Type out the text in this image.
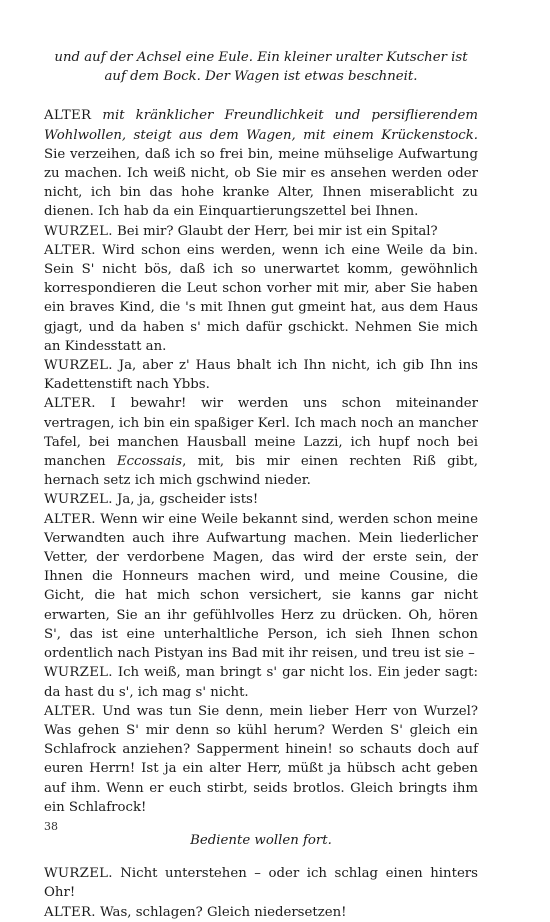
und auf der Achsel eine Eule. Ein kleiner uralter Kutscher ist auf dem Bock. Der Wagen ist etwas beschneit.

ALTER mit kränklicher Freundlichkeit und persiflierendem Wohlwollen, steigt aus dem Wagen, mit einem Krückenstock. Sie verzeihen, daß ich so frei bin, meine mühselige Aufwartung zu machen. Ich weiß nicht, ob Sie mir es ansehen werden oder nicht, ich bin das hohe kranke Alter, Ihnen miserablicht zu dienen. Ich hab da ein Einquartierungszettel bei Ihnen.

WURZEL. Bei mir? Glaubt der Herr, bei mir ist ein Spital?

ALTER. Wird schon eins werden, wenn ich eine Weile da bin. Sein S' nicht bös, daß ich so unerwartet komm, gewöhnlich korrespondieren die Leut schon vorher mit mir, aber Sie haben ein braves Kind, die 's mit Ihnen gut gmeint hat, aus dem Haus gjagt, und da haben s' mich dafür gschickt. Nehmen Sie mich an Kindesstatt an.

WURZEL. Ja, aber z' Haus bhalt ich Ihn nicht, ich gib Ihn ins Kadettenstift nach Ybbs.

ALTER. I bewahr! wir werden uns schon miteinander vertragen, ich bin ein spaßiger Kerl. Ich mach noch an mancher Tafel, bei manchen Hausball meine Lazzi, ich hupf noch bei manchen Eccossais, mit, bis mir einen rechten Riß gibt, hernach setz ich mich gschwind nieder.

WURZEL. Ja, ja, gscheider ists!

ALTER. Wenn wir eine Weile bekannt sind, werden schon meine Verwandten auch ihre Aufwartung machen. Mein liederlicher Vetter, der verdorbene Magen, das wird der erste sein, der Ihnen die Honneurs machen wird, und meine Cousine, die Gicht, die hat mich schon versichert, sie kanns gar nicht erwarten, Sie an ihr gefühlvolles Herz zu drücken. Oh, hören S', das ist eine unterhaltliche Person, ich sieh Ihnen schon ordentlich nach Pistyan ins Bad mit ihr reisen, und treu ist sie –

WURZEL. Ich weiß, man bringt s' gar nicht los. Ein jeder sagt: da hast du s', ich mag s' nicht.

ALTER. Und was tun Sie denn, mein lieber Herr von Wurzel? Was gehen S' mir denn so kühl herum? Werden S' gleich ein Schlafrock anziehen? Sapperment hinein! so schauts doch auf euren Herrn! Ist ja ein alter Herr, müßt ja hübsch acht geben auf ihm. Wenn er euch stirbt, seids brotlos. Gleich bringts ihm ein Schlafrock!

Bediente wollen fort.

WURZEL. Nicht unterstehen – oder ich schlag einen hinters Ohr!

ALTER. Was, schlagen? Gleich niedersetzen!

38
